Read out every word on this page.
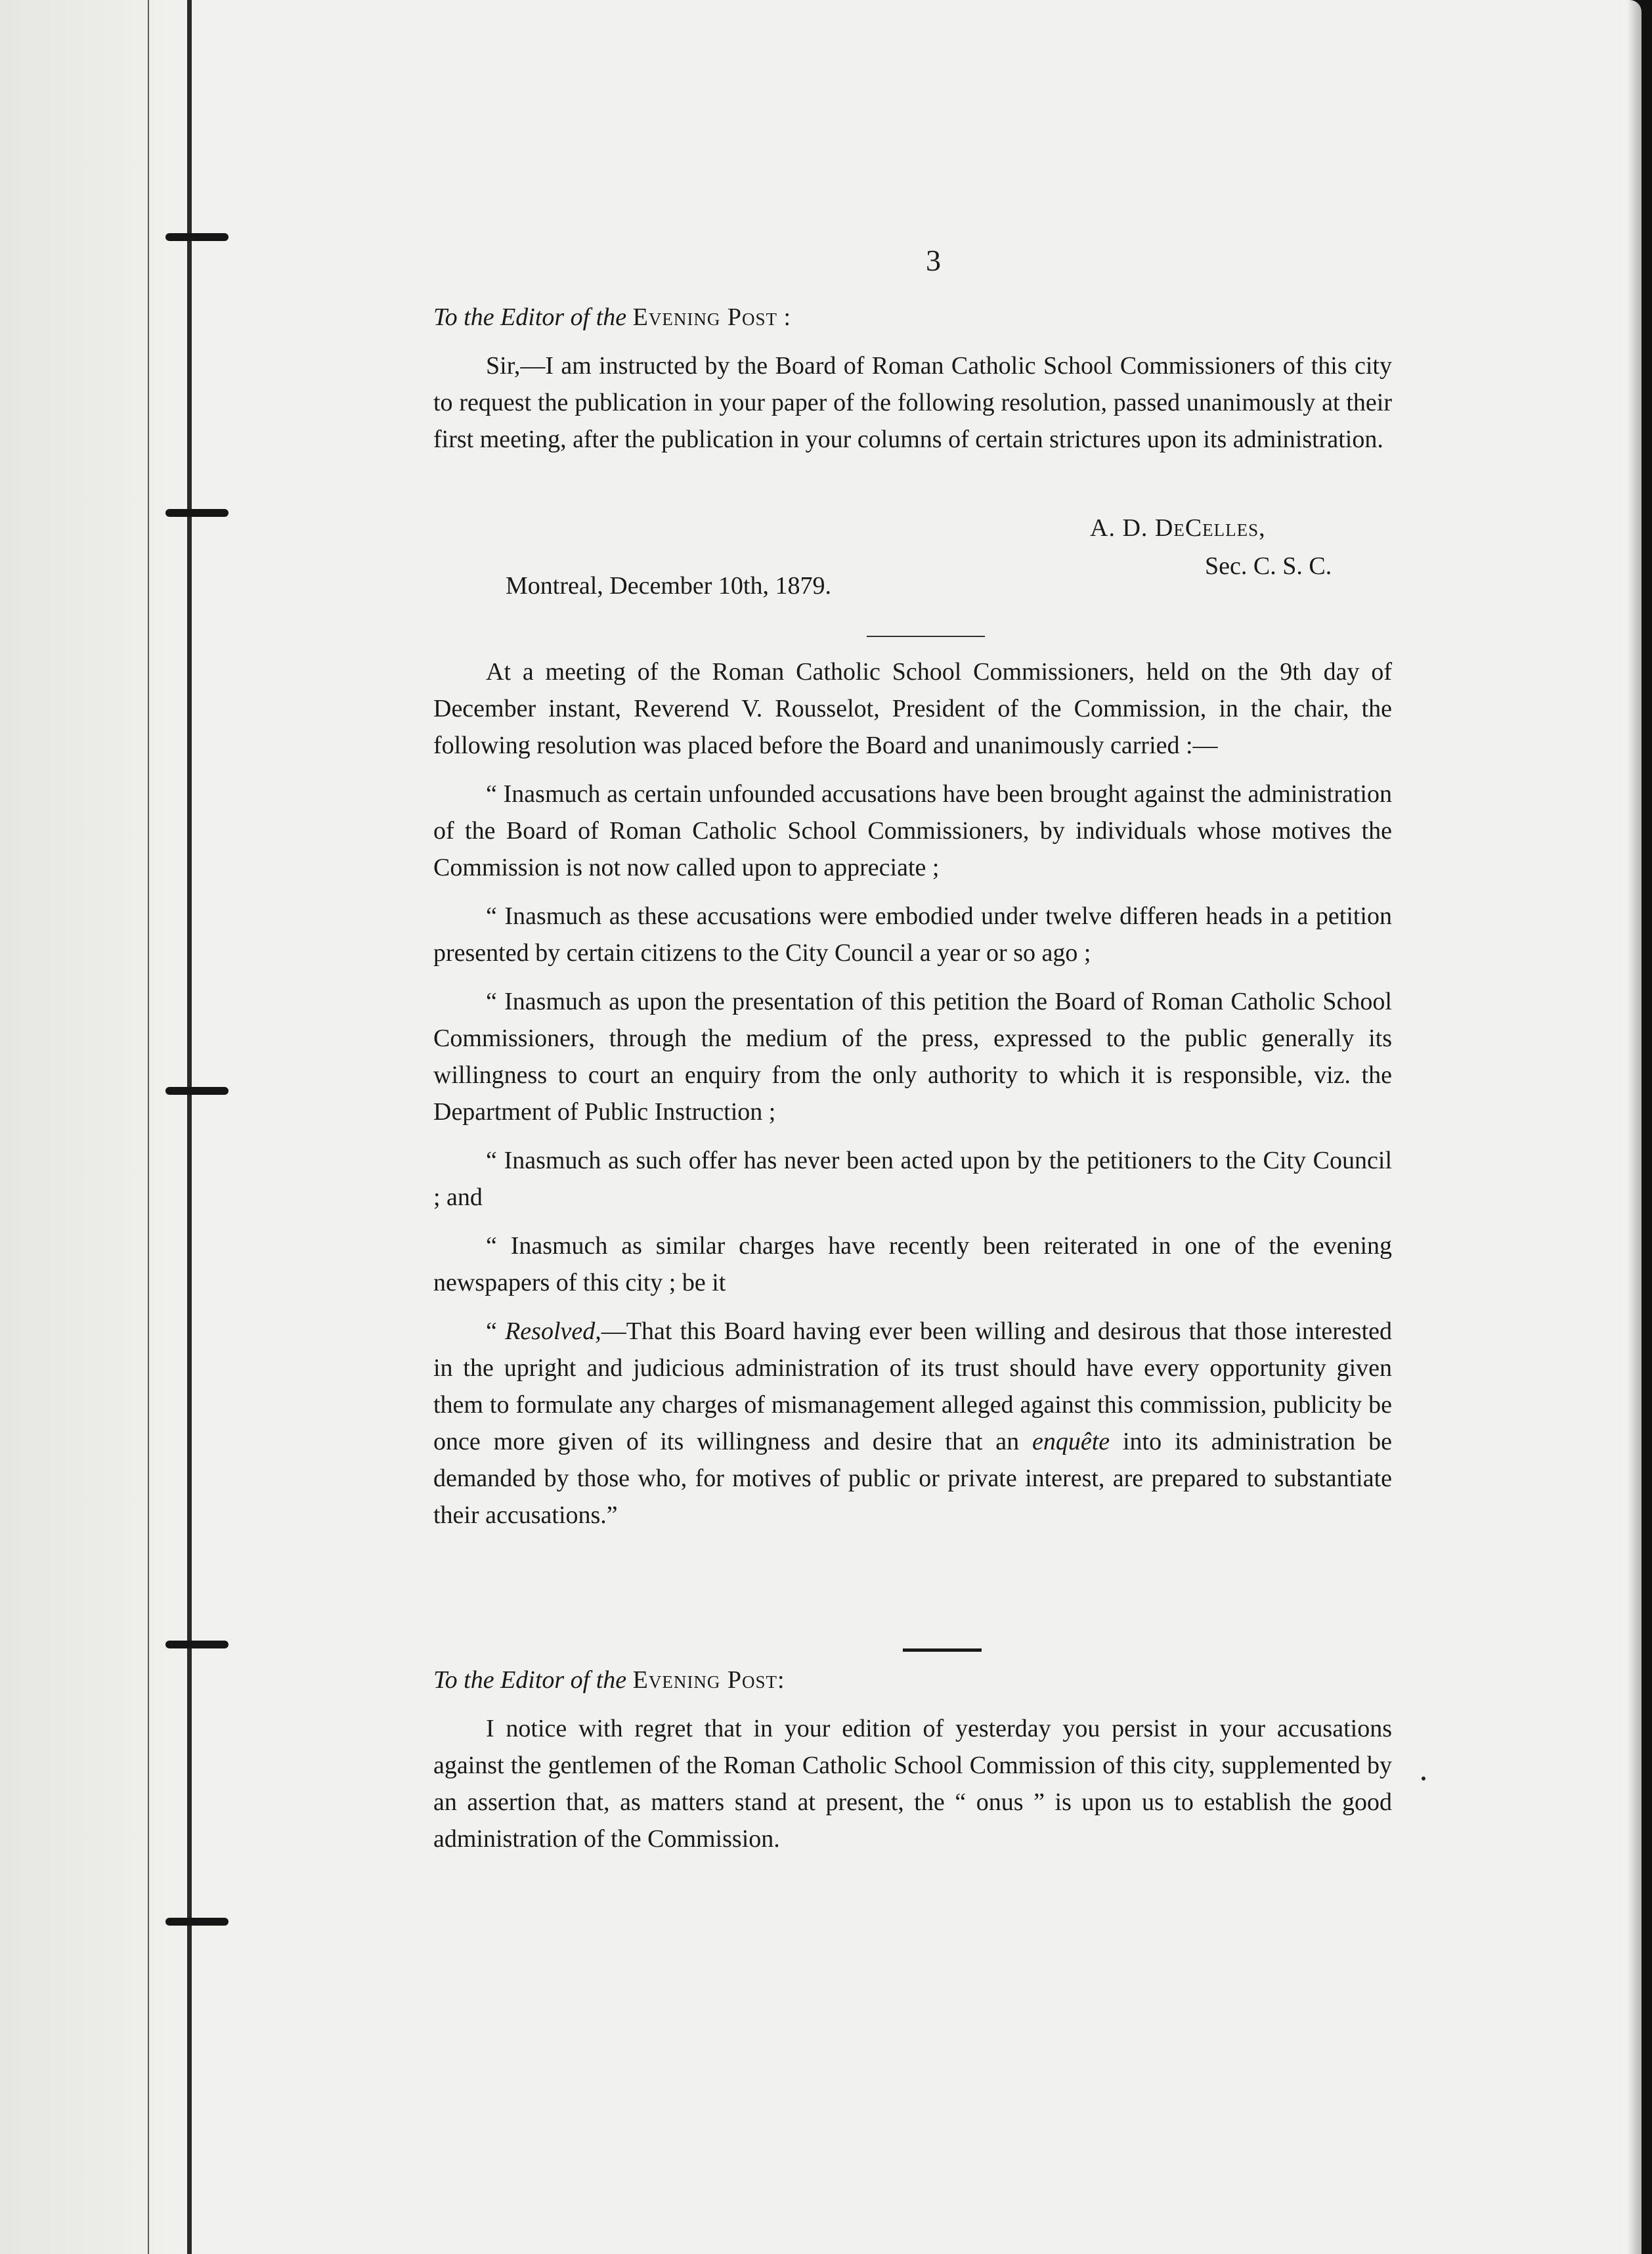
3

To the Editor of the Evening Post :

Sir,—I am instructed by the Board of Roman Catholic School Commissioners of this city to request the publication in your paper of the following resolution, passed unanimously at their first meeting, after the publication in your columns of certain strictures upon its administration.

A. D. DeCelles,
Sec. C. S. C.
Montreal, December 10th, 1879.

At a meeting of the Roman Catholic School Commissioners, held on the 9th day of December instant, Reverend V. Rousselot, President of the Commission, in the chair, the following resolution was placed before the Board and unanimously carried :—

“ Inasmuch as certain unfounded accusations have been brought against the administration of the Board of Roman Catholic School Commissioners, by individuals whose motives the Commission is not now called upon to appreciate ;

“ Inasmuch as these accusations were embodied under twelve differen heads in a petition presented by certain citizens to the City Council a year or so ago ;

“ Inasmuch as upon the presentation of this petition the Board of Roman Catholic School Commissioners, through the medium of the press, expressed to the public generally its willingness to court an enquiry from the only authority to which it is responsible, viz. the Department of Public Instruction ;

“ Inasmuch as such offer has never been acted upon by the petitioners to the City Council ; and

“ Inasmuch as similar charges have recently been reiterated in one of the evening newspapers of this city ; be it

“ Resolved,—That this Board having ever been willing and desirous that those interested in the upright and judicious administration of its trust should have every opportunity given them to formulate any charges of mismanagement alleged against this commission, publicity be once more given of its willingness and desire that an enquête into its administration be demanded by those who, for motives of public or private interest, are prepared to substantiate their accusations.”

To the Editor of the Evening Post:

I notice with regret that in your edition of yesterday you persist in your accusations against the gentlemen of the Roman Catholic School Commission of this city, supplemented by an assertion that, as matters stand at present, the “ onus ” is upon us to establish the good administration of the Commission.
